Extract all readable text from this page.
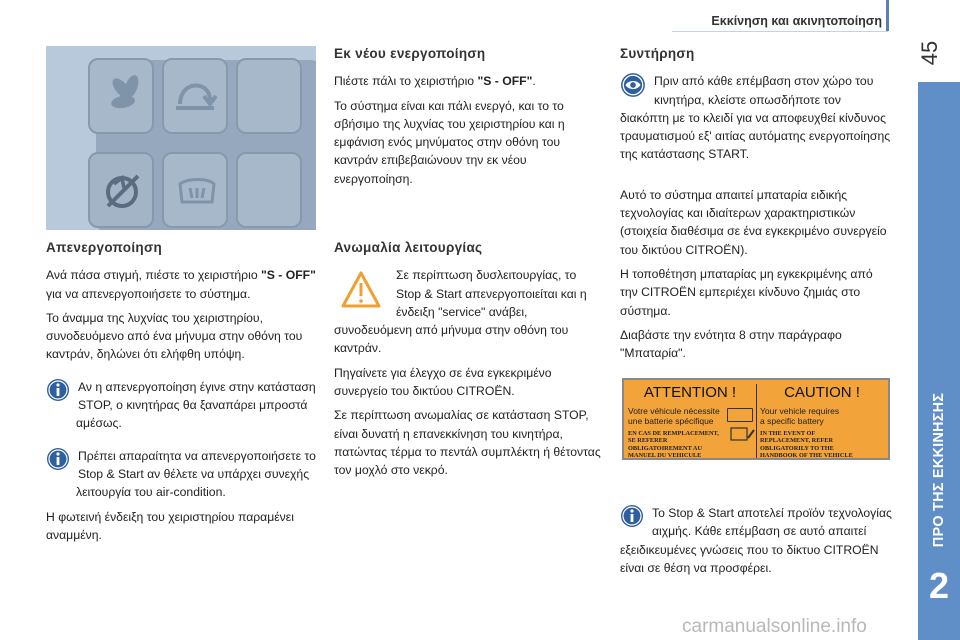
Εκκίνηση και ακινητοποίηση
45
ΠΡΟ ΤΗΣ ΕΚΚΙΝΗΣΗΣ
2
Απενεργοποίηση

Ανά πάσα στιγμή, πιέστε το χειριστήριο "S - OFF" για να απενεργοποιήσετε το σύστημα.

Το άναμμα της λυχνίας του χειριστηρίου, συνοδευόμενο από ένα μήνυμα στην οθόνη του καντράν, δηλώνει ότι ελήφθη υπόψη.

Αν η απενεργοποίηση έγινε στην κατάσταση STOP, ο κινητήρας θα ξαναπάρει μπροστά αμέσως.

Πρέπει απαραίτητα να απενεργοποιήσετε το Stop & Start αν θέλετε να υπάρχει συνεχής λειτουργία του air-condition.

Η φωτεινή ένδειξη του χειριστηρίου παραμένει αναμμένη.

Εκ νέου ενεργοποίηση

Πιέστε πάλι το χειριστήριο "S - OFF".

Το σύστημα είναι και πάλι ενεργό, και το το σβήσιμο της λυχνίας του χειριστηρίου και η εμφάνιση ενός μηνύματος στην οθόνη του καντράν επιβεβαιώνουν την εκ νέου ενεργοποίηση.

Ανωμαλία λειτουργίας

Σε περίπτωση δυσλειτουργίας, το Stop & Start απενεργοποιείται και η ένδειξη "service" ανάβει, συνοδευόμενη από μήνυμα στην οθόνη του καντράν.

Πηγαίνετε για έλεγχο σε ένα εγκεκριμένο συνεργείο του δικτύου CITROËN.

Σε περίπτωση ανωμαλίας σε κατάσταση STOP, είναι δυνατή η επανεκκίνηση του κινητήρα, πατώντας τέρμα το πεντάλ συμπλέκτη ή θέτοντας τον μοχλό στο νεκρό.

Συντήρηση

Πριν από κάθε επέμβαση στον χώρο του κινητήρα, κλείστε οπωσδήποτε τον διακόπτη με το κλειδί για να αποφευχθεί κίνδυνος τραυματισμού εξ' αιτίας αυτόματης ενεργοποίησης της κατάστασης START.

Αυτό το σύστημα απαιτεί μπαταρία ειδικής τεχνολογίας και ιδιαίτερων χαρακτηριστικών (στοιχεία διαθέσιμα σε ένα εγκεκριμένο συνεργείο του δικτύου CITROËN).

Η τοποθέτηση μπαταρίας μη εγκεκριμένης από την CITROËN εμπεριέχει κίνδυνο ζημιάς στο σύστημα.

Διαβάστε την ενότητα 8 στην παράγραφο "Μπαταρία".

ATTENTION !
Votre véhicule nécessite
une batterie spécifique
EN CAS DE REMPLACEMENT,
SE REFERER
OBLIGATOIREMENT AU
MANUEL DU VEHICULE
CAUTION !
Your vehicle requires
a specific battery
IN THE EVENT OF
REPLACEMENT, REFER
OBLIGATORILY TO THE
HANDBOOK OF THE VEHICLE

Το Stop & Start αποτελεί προϊόν τεχνολογίας αιχμής. Κάθε επέμβαση σε αυτό απαιτεί εξειδικευμένες γνώσεις που το δίκτυο CITROËN είναι σε θέση να προσφέρει.

carmanualsonline.info
